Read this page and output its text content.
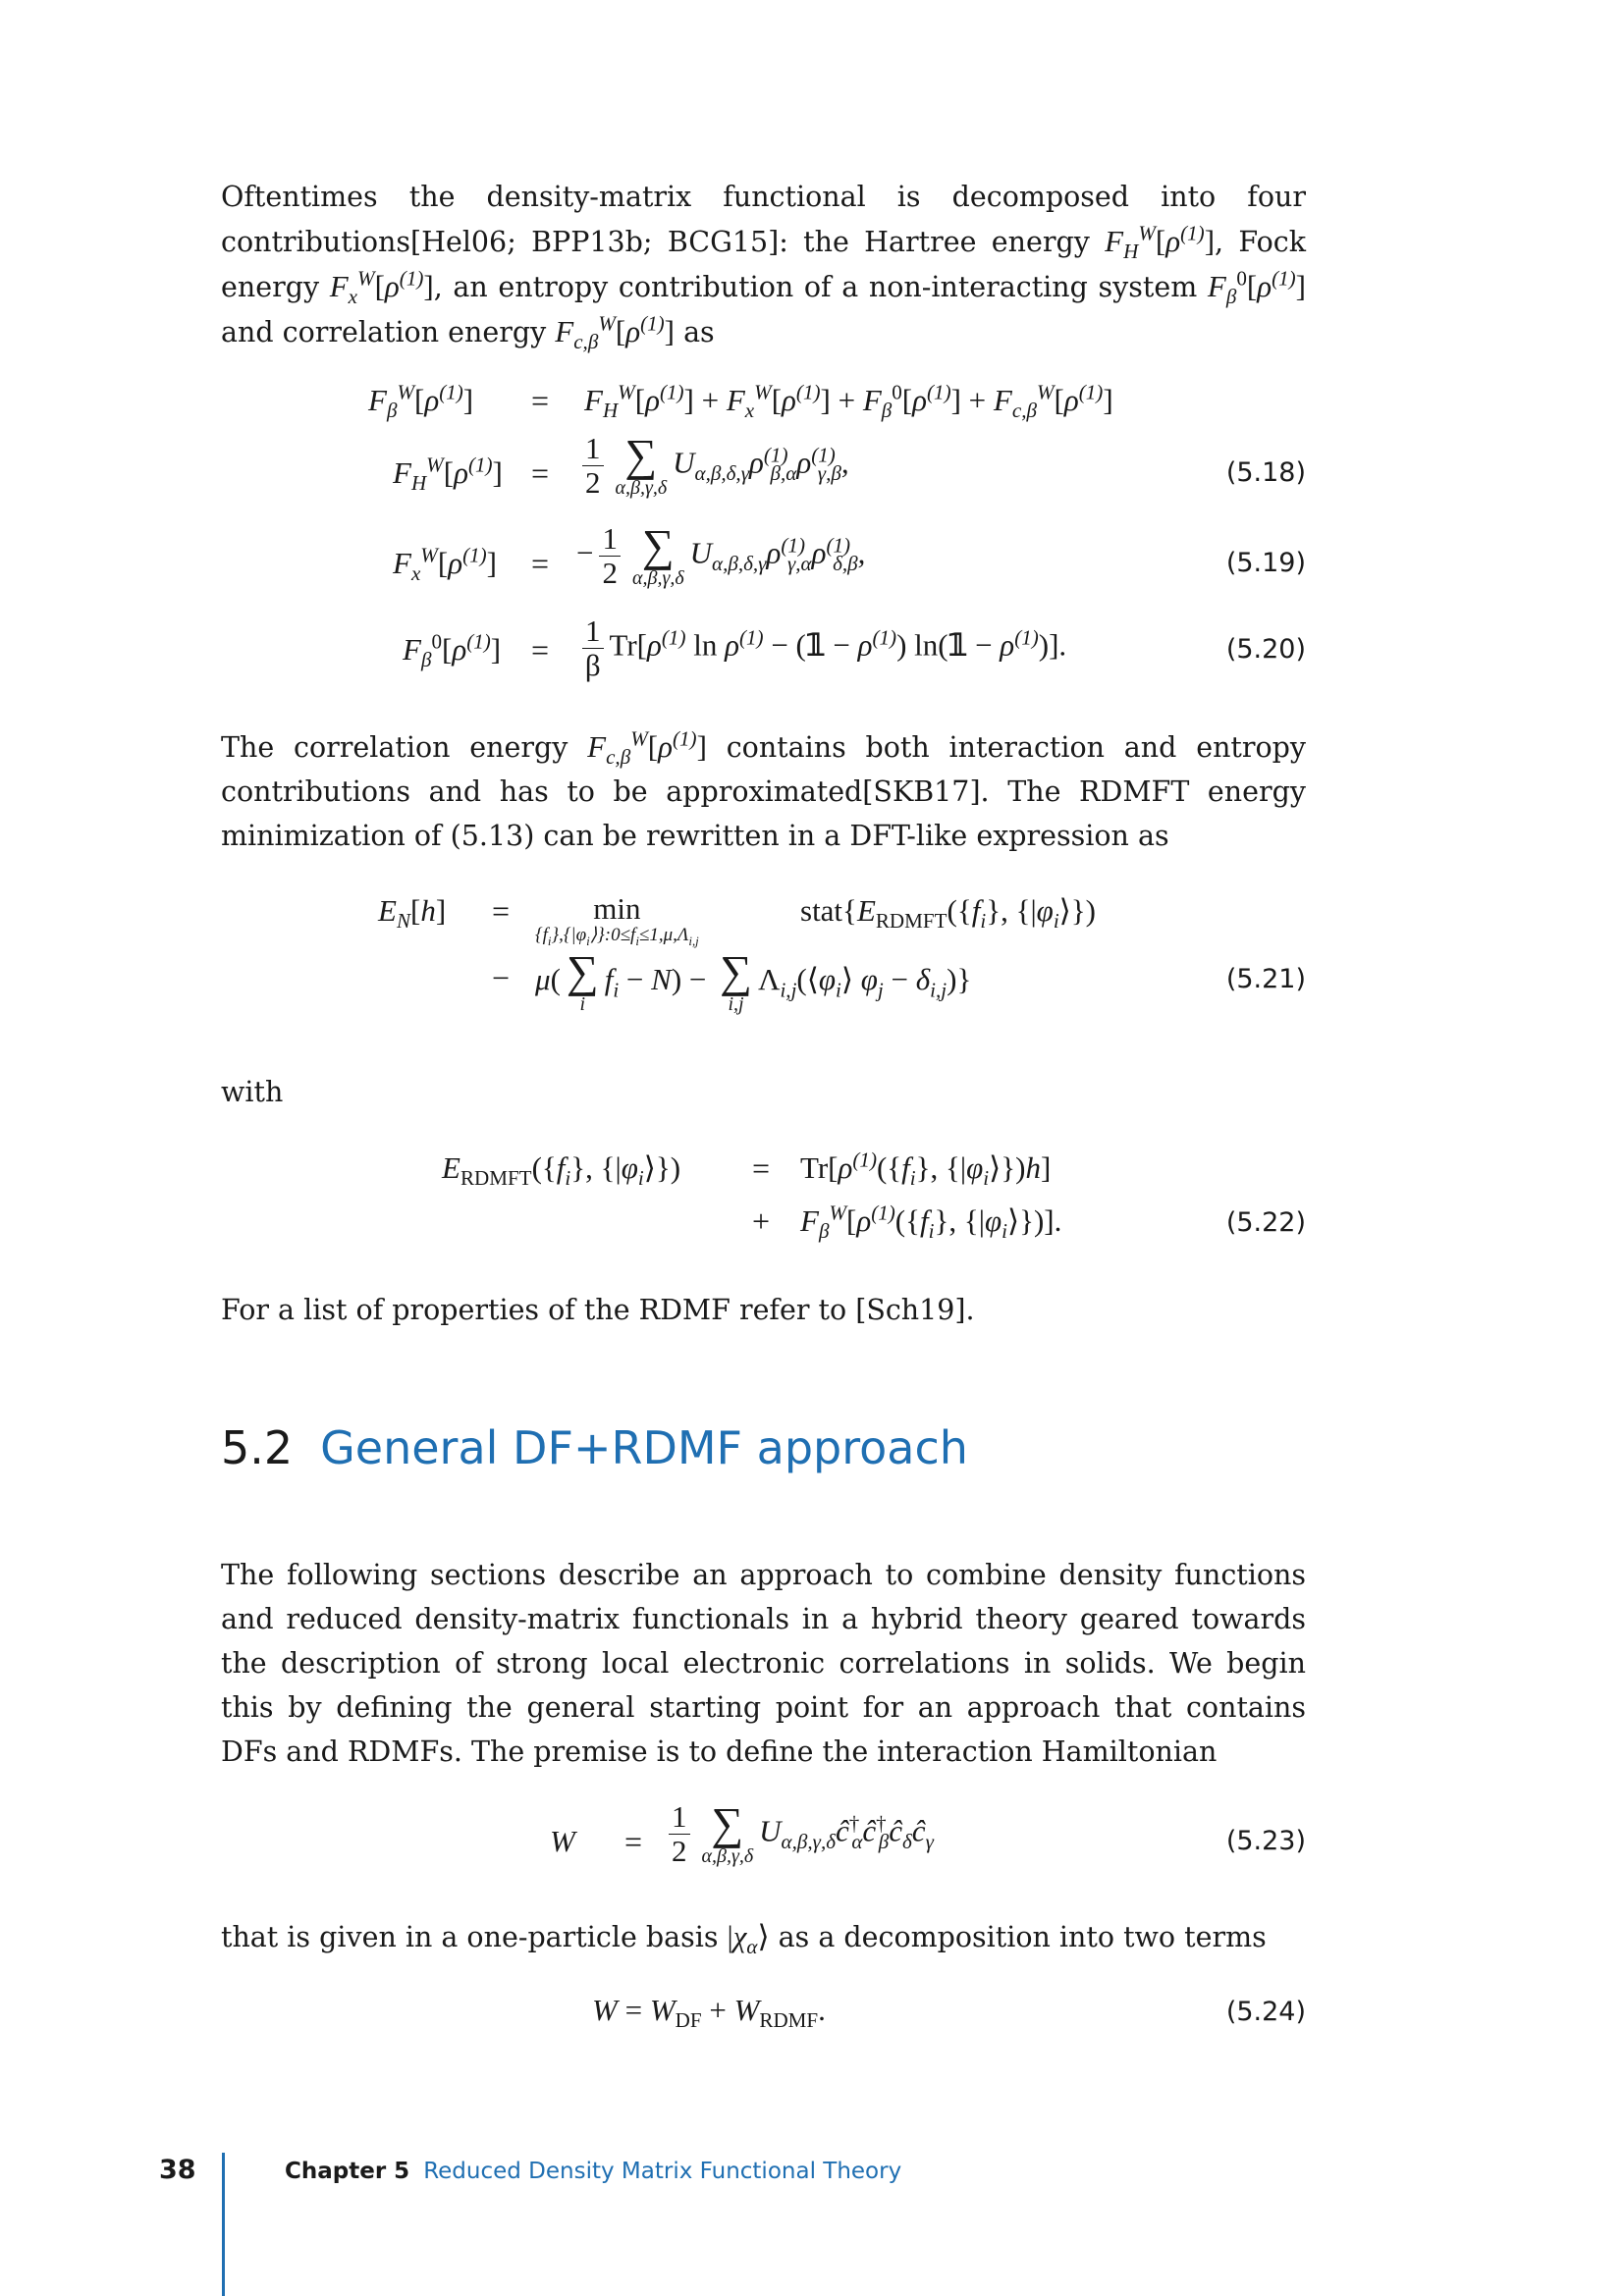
Oftentimes the density-matrix functional is decomposed into four contributions[Hel06; BPP13b; BCG15]: the Hartree energy $F_H^W[\rho^{(1)}]$, Fock energy $F_x^W[\rho^{(1)}]$, an entropy contribution of a non-interacting system $F_\beta^0[\rho^{(1)}]$ and correlation energy $F_{c,\beta}^W[\rho^{(1)}]$ as

$F_\beta^W[\rho^{(1)}]$	=	$F_H^W[\rho^{(1)}] + F_x^W[\rho^{(1)}] + F_\beta^0[\rho^{(1)}] + F_{c,\beta}^W[\rho^{(1)}]$
$F_H^W[\rho^{(1)}]$ =	$\frac{1}{2}$ ∑
α,β,γ,δ
$U_{\alpha,\beta,\delta,\gamma}\rho^{(1)}_{\beta,\alpha}\rho^{(1)}_{\gamma,\beta}$,	(5.18)
$F_x^W[\rho^{(1)}]$	= − $\frac{1}{2}$ ∑
α,β,γ,δ
$U_{\alpha,\beta,\delta,\gamma}\rho^{(1)}_{\gamma,\alpha}\rho^{(1)}_{\delta,\beta}$,	(5.19)
$F_\beta^0[\rho^{(1)}]$ =	$\frac{1}{\beta} Tr[\rho^{(1)}$ $\ln \rho^{(1)}$ − (𝟙 − $\rho^{(1)}$) ln(𝟙 − $\rho^{(1)}$)].	(5.20)

The correlation energy $F_{c,\beta}^W[\rho^{(1)}]$ contains both interaction and entropy contributions and has to be approximated[SKB17]. The RDMFT energy minimization of (5.13) can be rewritten in a DFT-like expression as

$E_N[h]$	=	min
$\{f_i\},\{|\varphi_i⟩\}:0\le f_i\le 1,\mu,\Lambda_{i,j}$
$stat\{E_{RDMFT}(\{f_i\}$, $\{|\varphi_i⟩\}$)
− μ( ∑
i
$f_i - N$) − ∑
i,j
$\Lambda_{i,j}(⟨\varphi_i⟩$ $\varphi_j - \delta_{i,j}$)}	(5.21)

with

$E_{RDMFT}(\{f_i\}$, $\{|\varphi_i⟩\}$)	= $Tr[\rho^{(1)}(\{f_i\}$, $\{|\varphi_i⟩\})h$]
+ $F_\beta^W[\rho^{(1)}(\{f_i\}$, $\{|\varphi_i⟩\}$)].	(5.22)

For a list of properties of the RDMF refer to [Sch19].

5.2 General DF+RDMF approach

The following sections describe an approach to combine density functions and reduced density-matrix functionals in a hybrid theory geared towards the description of strong local electronic correlations in solids. We begin this by defining the general starting point for an approach that contains DFs and RDMFs. The premise is to define the interaction Hamiltonian

W	= $\frac{1}{2}$ ∑
α,β,γ,δ
$U_{\alpha,\beta,\gamma,\delta}ĉ^\dagger_\alpha ĉ^\dagger_\beta ĉ_\delta ĉ_\gamma$	(5.23)

that is given in a one-particle basis $|\chi_\alpha⟩$ as a decomposition into two terms

$W = W_{DF} + W_{RDMF}$.	(5.24)
38	Chapter 5 Reduced Density Matrix Functional Theory
